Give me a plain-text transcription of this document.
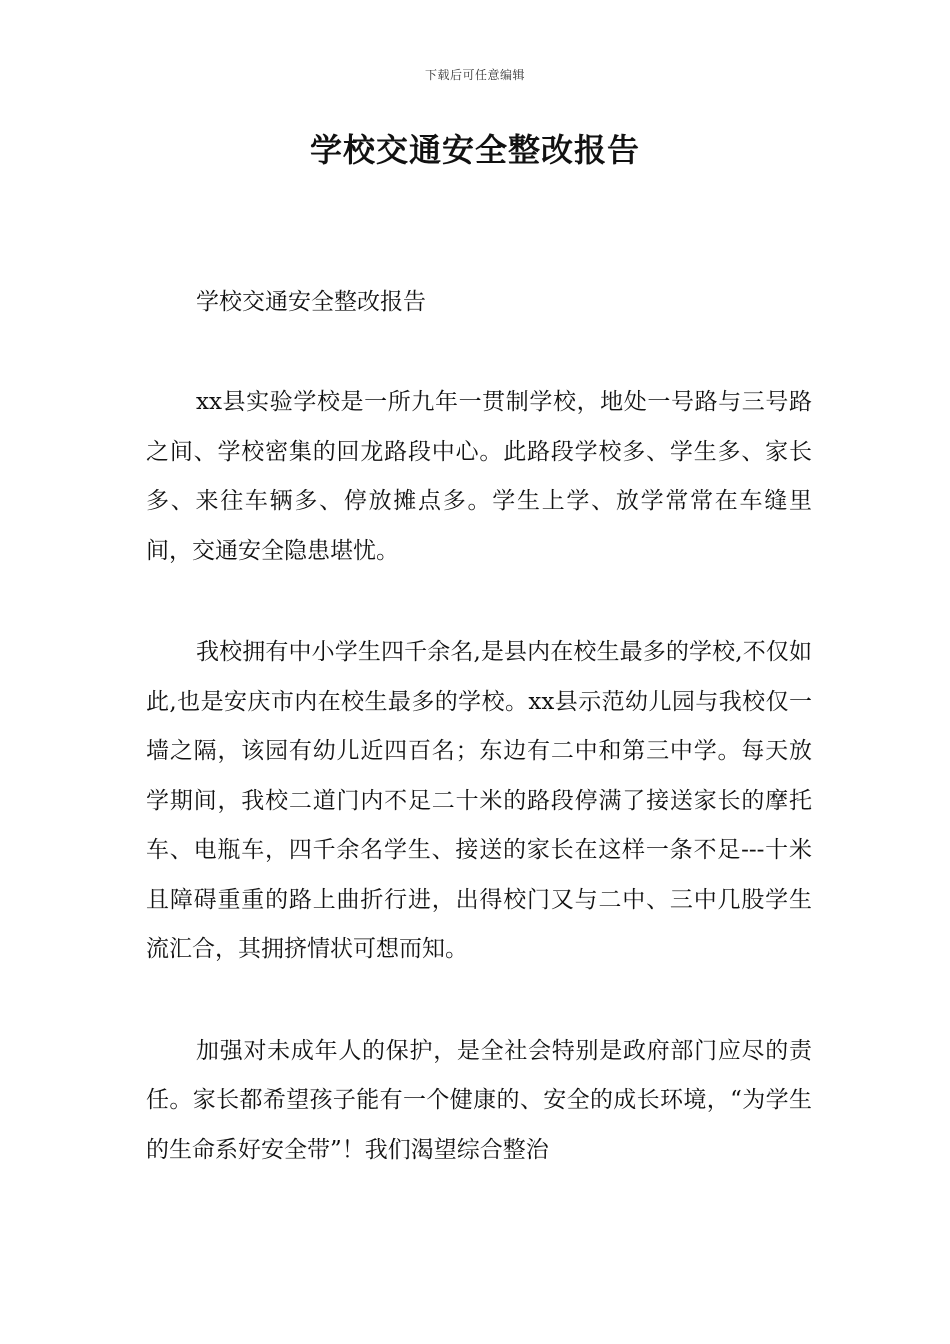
下载后可任意编辑
学校交通安全整改报告

学校交通安全整改报告

xx县实验学校是一所九年一贯制学校，地处一号路与三号路之间、学校密集的回龙路段中心。此路段学校多、学生多、家长多、来往车辆多、停放摊点多。学生上学、放学常常在车缝里间，交通安全隐患堪忧。

我校拥有中小学生四千余名,是县内在校生最多的学校,不仅如此,也是安庆市内在校生最多的学校。xx县示范幼儿园与我校仅一墙之隔，该园有幼儿近四百名；东边有二中和第三中学。每天放学期间，我校二道门内不足二十米的路段停满了接送家长的摩托车、电瓶车，四千余名学生、接送的家长在这样一条不足---十米且障碍重重的路上曲折行进，出得校门又与二中、三中几股学生流汇合，其拥挤情状可想而知。

加强对未成年人的保护，是全社会特别是政府部门应尽的责任。家长都希望孩子能有一个健康的、安全的成长环境，“为学生的生命系好安全带”！我们渴望综合整治
